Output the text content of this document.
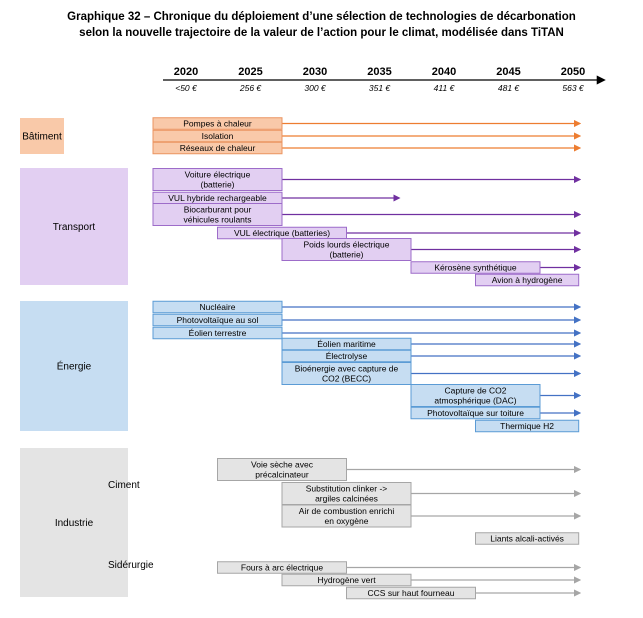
Graphique 32 – Chronique du déploiement d’une sélection de technologies de décarbonation
selon la nouvelle trajectoire de la valeur de l’action pour le climat, modélisée dans TiTAN
2020
<50 €
2025
256 €
2030
300 €
2035
351 €
2040
411 €
2045
481 €
2050
563 €
Bâtiment
Transport
Énergie
Industrie
Ciment
Sidérurgie
Pompes à chaleur
Isolation
Réseaux de chaleur
Voiture électrique (batterie)
VUL hybride rechargeable
Biocarburant pour véhicules roulants
VUL électrique (batteries)
Poids lourds électrique (batterie)
Kérosène synthétique
Avion à hydrogène
Nucléaire
Photovoltaïque au sol
Éolien terrestre
Éolien maritime
Électrolyse
Bioénergie avec capture de CO2 (BECC)
Capture de CO2 atmosphérique (DAC)
Photovoltaïque sur toiture
Thermique H2
Voie sèche avec précalcinateur
Substitution clinker -> argiles calcinées
Air de combustion enrichi en oxygène
Liants alcali-activés
Fours à arc électrique
Hydrogène vert
CCS sur haut fourneau
